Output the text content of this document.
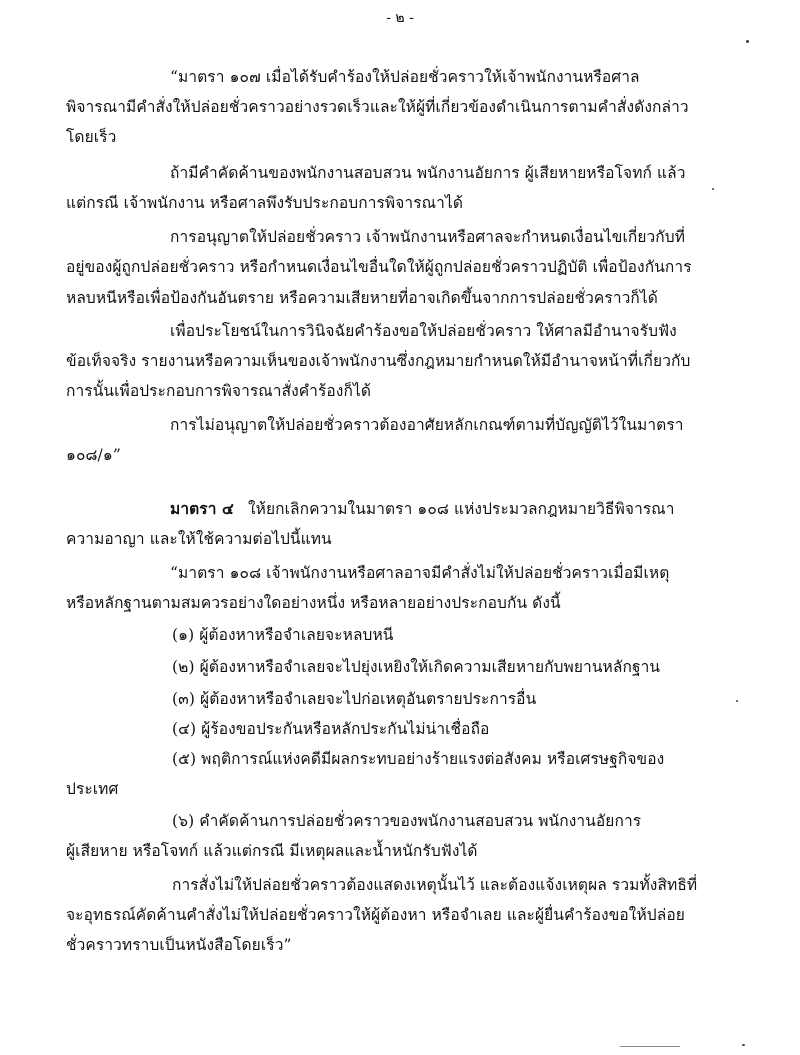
- ๒ -
“มาตรา ๑๐๗ เมื่อได้รับคำร้องให้ปล่อยชั่วคราวให้เจ้าพนักงานหรือศาล
พิจารณามีคำสั่งให้ปล่อยชั่วคราวอย่างรวดเร็วและให้ผู้ที่เกี่ยวข้องดำเนินการตามคำสั่งดังกล่าว
โดยเร็ว
ถ้ามีคำคัดค้านของพนักงานสอบสวน พนักงานอัยการ ผู้เสียหายหรือโจทก์ แล้ว
แต่กรณี เจ้าพนักงาน หรือศาลพึงรับประกอบการพิจารณาได้
การอนุญาตให้ปล่อยชั่วคราว เจ้าพนักงานหรือศาลจะกำหนดเงื่อนไขเกี่ยวกับที่
อยู่ของผู้ถูกปล่อยชั่วคราว หรือกำหนดเงื่อนไขอื่นใดให้ผู้ถูกปล่อยชั่วคราวปฏิบัติ เพื่อป้องกันการ
หลบหนีหรือเพื่อป้องกันอันตราย หรือความเสียหายที่อาจเกิดขึ้นจากการปล่อยชั่วคราวก็ได้
เพื่อประโยชน์ในการวินิจฉัยคำร้องขอให้ปล่อยชั่วคราว ให้ศาลมีอำนาจรับฟัง
ข้อเท็จจริง รายงานหรือความเห็นของเจ้าพนักงานซึ่งกฎหมายกำหนดให้มีอำนาจหน้าที่เกี่ยวกับ
การนั้นเพื่อประกอบการพิจารณาสั่งคำร้องก็ได้
การไม่อนุญาตให้ปล่อยชั่วคราวต้องอาศัยหลักเกณฑ์ตามที่บัญญัติไว้ในมาตรา
๑๐๘/๑”
มาตรา ๔ ให้ยกเลิกความในมาตรา ๑๐๘ แห่งประมวลกฎหมายวิธีพิจารณา
ความอาญา และให้ใช้ความต่อไปนี้แทน
“มาตรา ๑๐๘ เจ้าพนักงานหรือศาลอาจมีคำสั่งไม่ให้ปล่อยชั่วคราวเมื่อมีเหตุ
หรือหลักฐานตามสมควรอย่างใดอย่างหนึ่ง หรือหลายอย่างประกอบกัน ดังนี้
(๑) ผู้ต้องหาหรือจำเลยจะหลบหนี
(๒) ผู้ต้องหาหรือจำเลยจะไปยุ่งเหยิงให้เกิดความเสียหายกับพยานหลักฐาน
(๓) ผู้ต้องหาหรือจำเลยจะไปก่อเหตุอันตรายประการอื่น
(๔) ผู้ร้องขอประกันหรือหลักประกันไม่น่าเชื่อถือ
(๕) พฤติการณ์แห่งคดีมีผลกระทบอย่างร้ายแรงต่อสังคม หรือเศรษฐกิจของ
ประเทศ
(๖) คำคัดค้านการปล่อยชั่วคราวของพนักงานสอบสวน พนักงานอัยการ
ผู้เสียหาย หรือโจทก์ แล้วแต่กรณี มีเหตุผลและน้ำหนักรับฟังได้
การสั่งไม่ให้ปล่อยชั่วคราวต้องแสดงเหตุนั้นไว้ และต้องแจ้งเหตุผล รวมทั้งสิทธิที่
จะอุทธรณ์คัดค้านคำสั่งไม่ให้ปล่อยชั่วคราวให้ผู้ต้องหา หรือจำเลย และผู้ยื่นคำร้องขอให้ปล่อย
ชั่วคราวทราบเป็นหนังสือโดยเร็ว”
